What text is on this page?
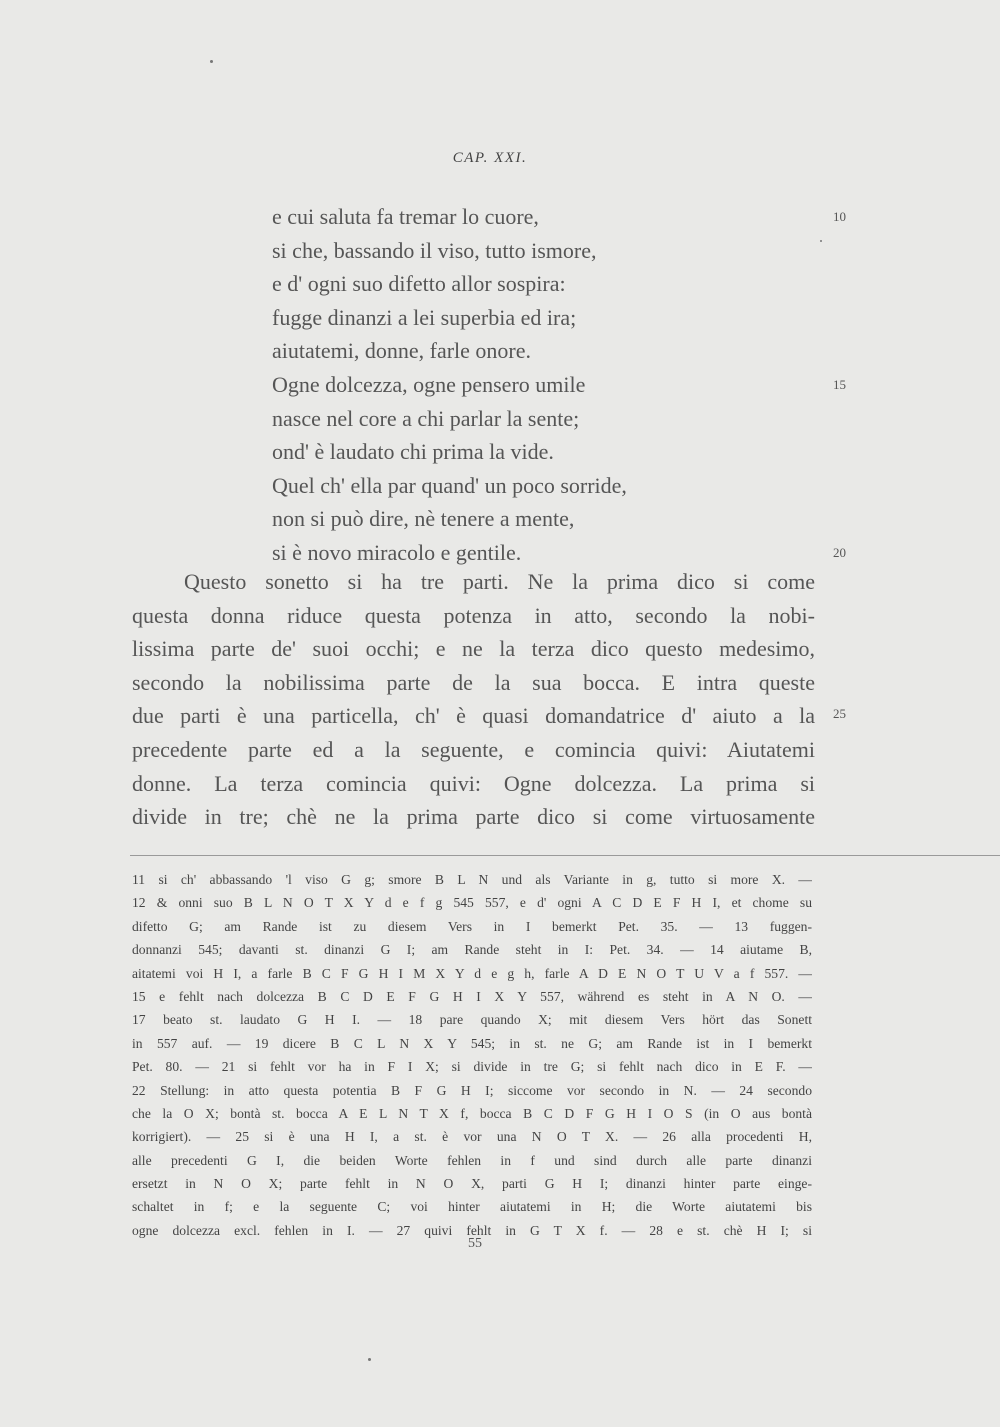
CAP. XXI.
e cui saluta fa tremar lo cuore,
si che, bassando il viso, tutto ismore,
e d' ogni suo difetto allor sospira:
fugge dinanzi a lei superbia ed ira;
aiutatemi, donne, farle onore.
Ogne dolcezza, ogne pensero umile
nasce nel core a chi parlar la sente;
ond' è laudato chi prima la vide.
Quel ch' ella par quand' un poco sorride,
non si può dire, nè tenere a mente,
si è novo miracolo e gentile.
10
15
20
25
Questo sonetto si ha tre parti. Ne la prima dico si come
questa donna riduce questa potenza in atto, secondo la nobi-
lissima parte de' suoi occhi; e ne la terza dico questo medesimo,
secondo la nobilissima parte de la sua bocca. E intra queste
due parti è una particella, ch' è quasi domandatrice d' aiuto a la
precedente parte ed a la seguente, e comincia quivi: Aiutatemi
donne. La terza comincia quivi: Ogne dolcezza. La prima si
divide in tre; chè ne la prima parte dico si come virtuosamente
11 si ch' abbassando 'l viso G g; smore B L N und als Variante in g, tutto si more X. —
12 & onni suo B L N O T X Y d e f g 545 557, e d' ogni A C D E F H I, et chome su
difetto G; am Rande ist zu diesem Vers in I bemerkt Pet. 35. — 13 fuggen-
donnanzi 545; davanti st. dinanzi G I; am Rande steht in I: Pet. 34. — 14 aiutame B,
aitatemi voi H I, a farle B C F G H I M X Y d e g h, farle A D E N O T U V a f 557. —
15 e fehlt nach dolcezza B C D E F G H I X Y 557, während es steht in A N O. —
17 beato st. laudato G H I. — 18 pare quando X; mit diesem Vers hört das Sonett
in 557 auf. — 19 dicere B C L N X Y 545; in st. ne G; am Rande ist in I bemerkt
Pet. 80. — 21 si fehlt vor ha in F I X; si divide in tre G; si fehlt nach dico in E F. —
22 Stellung: in atto questa potentia B F G H I; siccome vor secondo in N. — 24 secondo
che la O X; bontà st. bocca A E L N T X f, bocca B C D F G H I O S (in O aus bontà
korrigiert). — 25 si è una H I, a st. è vor una N O T X. — 26 alla procedenti H,
alle precedenti G I, die beiden Worte fehlen in f und sind durch alle parte dinanzi
ersetzt in N O X; parte fehlt in N O X, parti G H I; dinanzi hinter parte einge-
schaltet in f; e la seguente C; voi hinter aiutatemi in H; die Worte aiutatemi bis
ogne dolcezza excl. fehlen in I. — 27 quivi fehlt in G T X f. — 28 e st. chè H I; si
55
